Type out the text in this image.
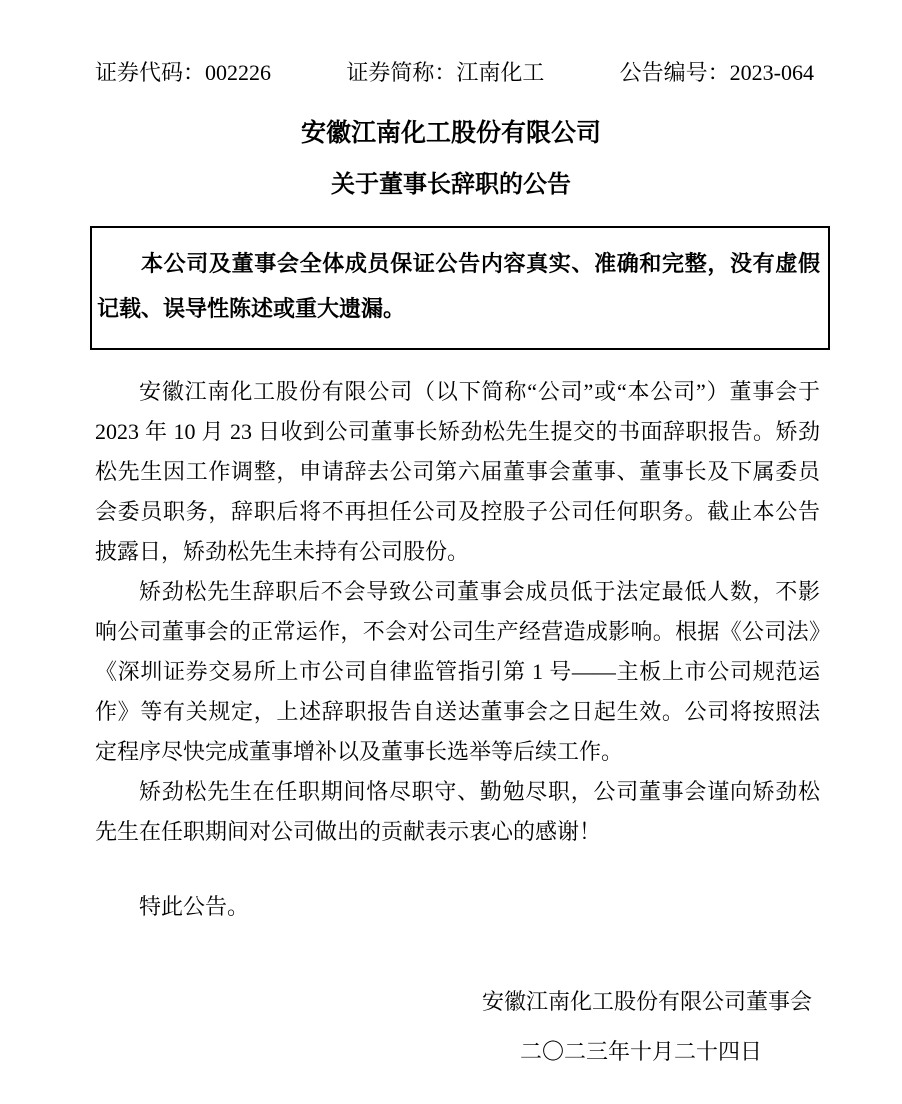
证券代码：002226	证券简称：江南化工	公告编号：2023-064
安徽江南化工股份有限公司
关于董事长辞职的公告
本公司及董事会全体成员保证公告内容真实、准确和完整，没有虚假记载、误导性陈述或重大遗漏。

安徽江南化工股份有限公司（以下简称“公司”或“本公司”）董事会于 2023 年 10 月 23 日收到公司董事长矫劲松先生提交的书面辞职报告。矫劲松先生因工作调整，申请辞去公司第六届董事会董事、董事长及下属委员会委员职务，辞职后将不再担任公司及控股子公司任何职务。截止本公告披露日，矫劲松先生未持有公司股份。

矫劲松先生辞职后不会导致公司董事会成员低于法定最低人数，不影响公司董事会的正常运作，不会对公司生产经营造成影响。根据《公司法》《深圳证券交易所上市公司自律监管指引第 1 号——主板上市公司规范运作》等有关规定，上述辞职报告自送达董事会之日起生效。公司将按照法定程序尽快完成董事增补以及董事长选举等后续工作。

矫劲松先生在任职期间恪尽职守、勤勉尽职，公司董事会谨向矫劲松先生在任职期间对公司做出的贡献表示衷心的感谢！

特此公告。

安徽江南化工股份有限公司董事会
二〇二三年十月二十四日
